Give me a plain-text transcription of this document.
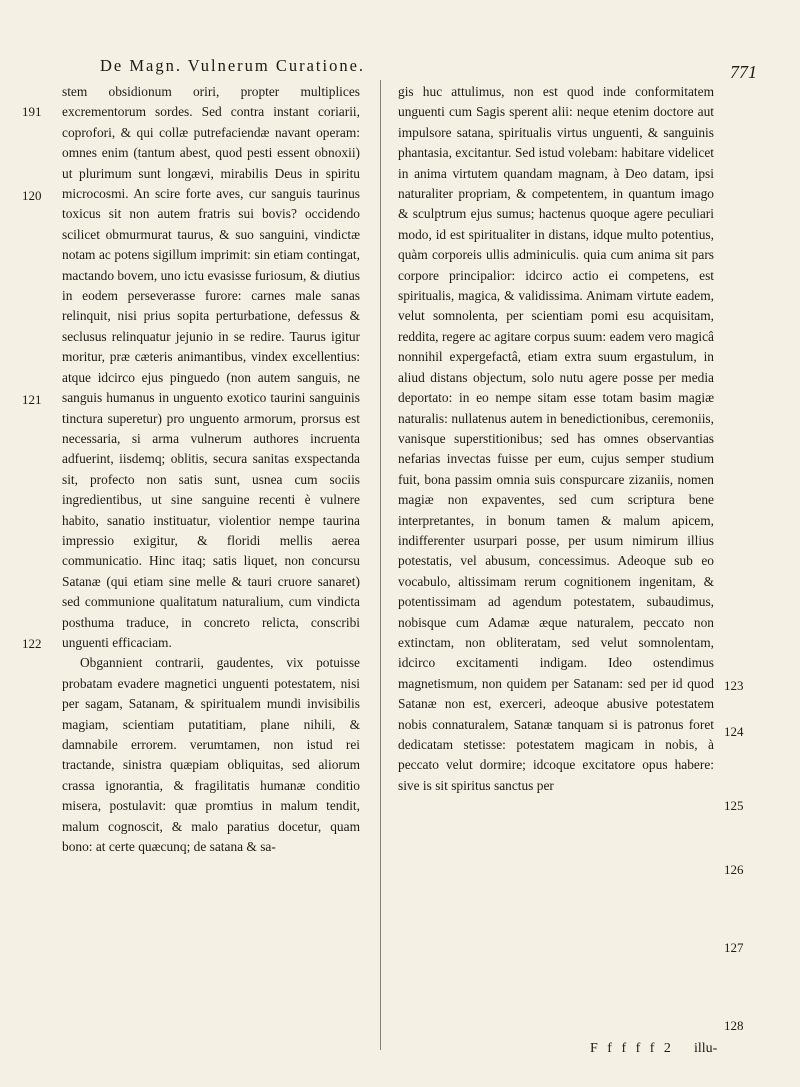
De Magn. Vulnerum Curatione.	771
191
120
121
122

stem obsidionum oriri, propter multiplices excrementorum sordes. Sed contra instant coriarii, coprofori, & qui collæ putrefaciendæ navant operam: omnes enim (tantum abest, quod pesti essent obnoxii) ut plurimum sunt longævi, mirabilis Deus in spiritu microcosmi. An scire forte aves, cur sanguis taurinus toxicus sit non autem fratris sui bovis? occidendo scilicet obmurmurat taurus, & suo sanguini, vindictæ notam ac potens sigillum imprimit: sin etiam contingat, mactando bovem, uno ictu evasisse furiosum, & diutius in eodem perseverasse furore: carnes male sanas relinquit, nisi prius sopita perturbatione, defessus & seclusus relinquatur jejunio in se redire. Taurus igitur moritur, præ cæteris animantibus, vindex excellentius: atque idcirco ejus pinguedo (non autem sanguis, ne sanguis humanus in unguento exotico taurini sanguinis tinctura superetur) pro unguento armorum, prorsus est necessaria, si arma vulnerum authores incruenta adfuerint, iisdemq; oblitis, secura sanitas exspectanda sit, profecto non satis sunt, usnea cum sociis ingredientibus, ut sine sanguine recenti è vulnere habito, sanatio instituatur, violentior nempe taurina impressio exigitur, & floridi mellis aerea communicatio. Hinc itaq; satis liquet, non concursu Satanæ (qui etiam sine melle & tauri cruore sanaret) sed communione qualitatum naturalium, cum vindicta posthuma traduce, in concreto relicta, conscribi unguenti efficaciam.

Obgannient contrarii, gaudentes, vix potuisse probatam evadere magnetici unguenti potestatem, nisi per sagam, Satanam, & spiritualem mundi invisibilis magiam, scientiam putatitiam, plane nihili, & damnabile errorem. verumtamen, non istud rei tractande, sinistra quæpiam obliquitas, sed aliorum crassa ignorantia, & fragilitatis humanæ conditio misera, postulavit: quæ promtius in malum tendit, malum cognoscit, & malo paratius docetur, quam bono: at certe quæcunq; de satana & sa-

gis huc attulimus, non est quod inde conformitatem unguenti cum Sagis sperent alii: neque etenim doctore aut impulsore satana, spiritualis virtus unguenti, & sanguinis phantasia, excitantur. Sed istud volebam: habitare videlicet in anima virtutem quandam magnam, à Deo datam, ipsi naturaliter propriam, & competentem, in quantum imago & sculptrum ejus sumus; hactenus quoque agere peculiari modo, id est spiritualiter in distans, idque multo potentius, quàm corporeis ullis adminiculis. quia cum anima sit pars corpore principalior: idcirco actio ei competens, est spiritualis, magica, & validissima. Animam virtute eadem, velut somnolenta, per scientiam pomi esu acquisitam, reddita, regere ac agitare corpus suum: eadem vero magicâ nonnihil expergefactâ, etiam extra suum ergastulum, in aliud distans objectum, solo nutu agere posse per media deportato: in eo nempe sitam esse totam basim magiæ naturalis: nullatenus autem in benedictionibus, ceremoniis, vanisque superstitionibus; sed has omnes observantias nefarias invectas fuisse per eum, cujus semper studium fuit, bona passim omnia suis conspurcare zizaniis, nomen magiæ non expaventes, sed cum scriptura bene interpretantes, in bonum tamen & malum apicem, indifferenter usurpari posse, per usum nimirum illius potestatis, vel abusum, concessimus. Adeoque sub eo vocabulo, altissimam rerum cognitionem ingenitam, & potentissimam ad agendum potestatem, subaudimus, nobisque cum Adamæ æque naturalem, peccato non extinctam, non obliteratam, sed velut somnolentam, idcirco excitamenti indigam. Ideo ostendimus magnetismum, non quidem per Satanam: sed per id quod Satanæ non est, exerceri, adeoque abusive potestatem nobis connaturalem, Satanæ tanquam si is patronus foret dedicatam stetisse: potestatem magicam in nobis, à peccato velut dormire; idcoque excitatore opus habere: sive is sit spiritus sanctus per

123
124
125
126
127
128
F f f f f 2 illu-
